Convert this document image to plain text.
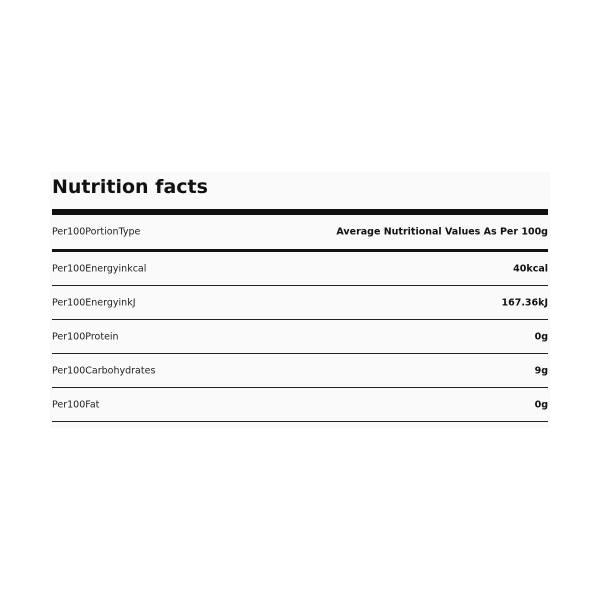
Nutrition facts
Per100PortionType	Average Nutritional Values As Per 100g
Per100Energyinkcal	40kcal
Per100EnergyinkJ	167.36kJ
Per100Protein	0g
Per100Carbohydrates	9g
Per100Fat	0g
